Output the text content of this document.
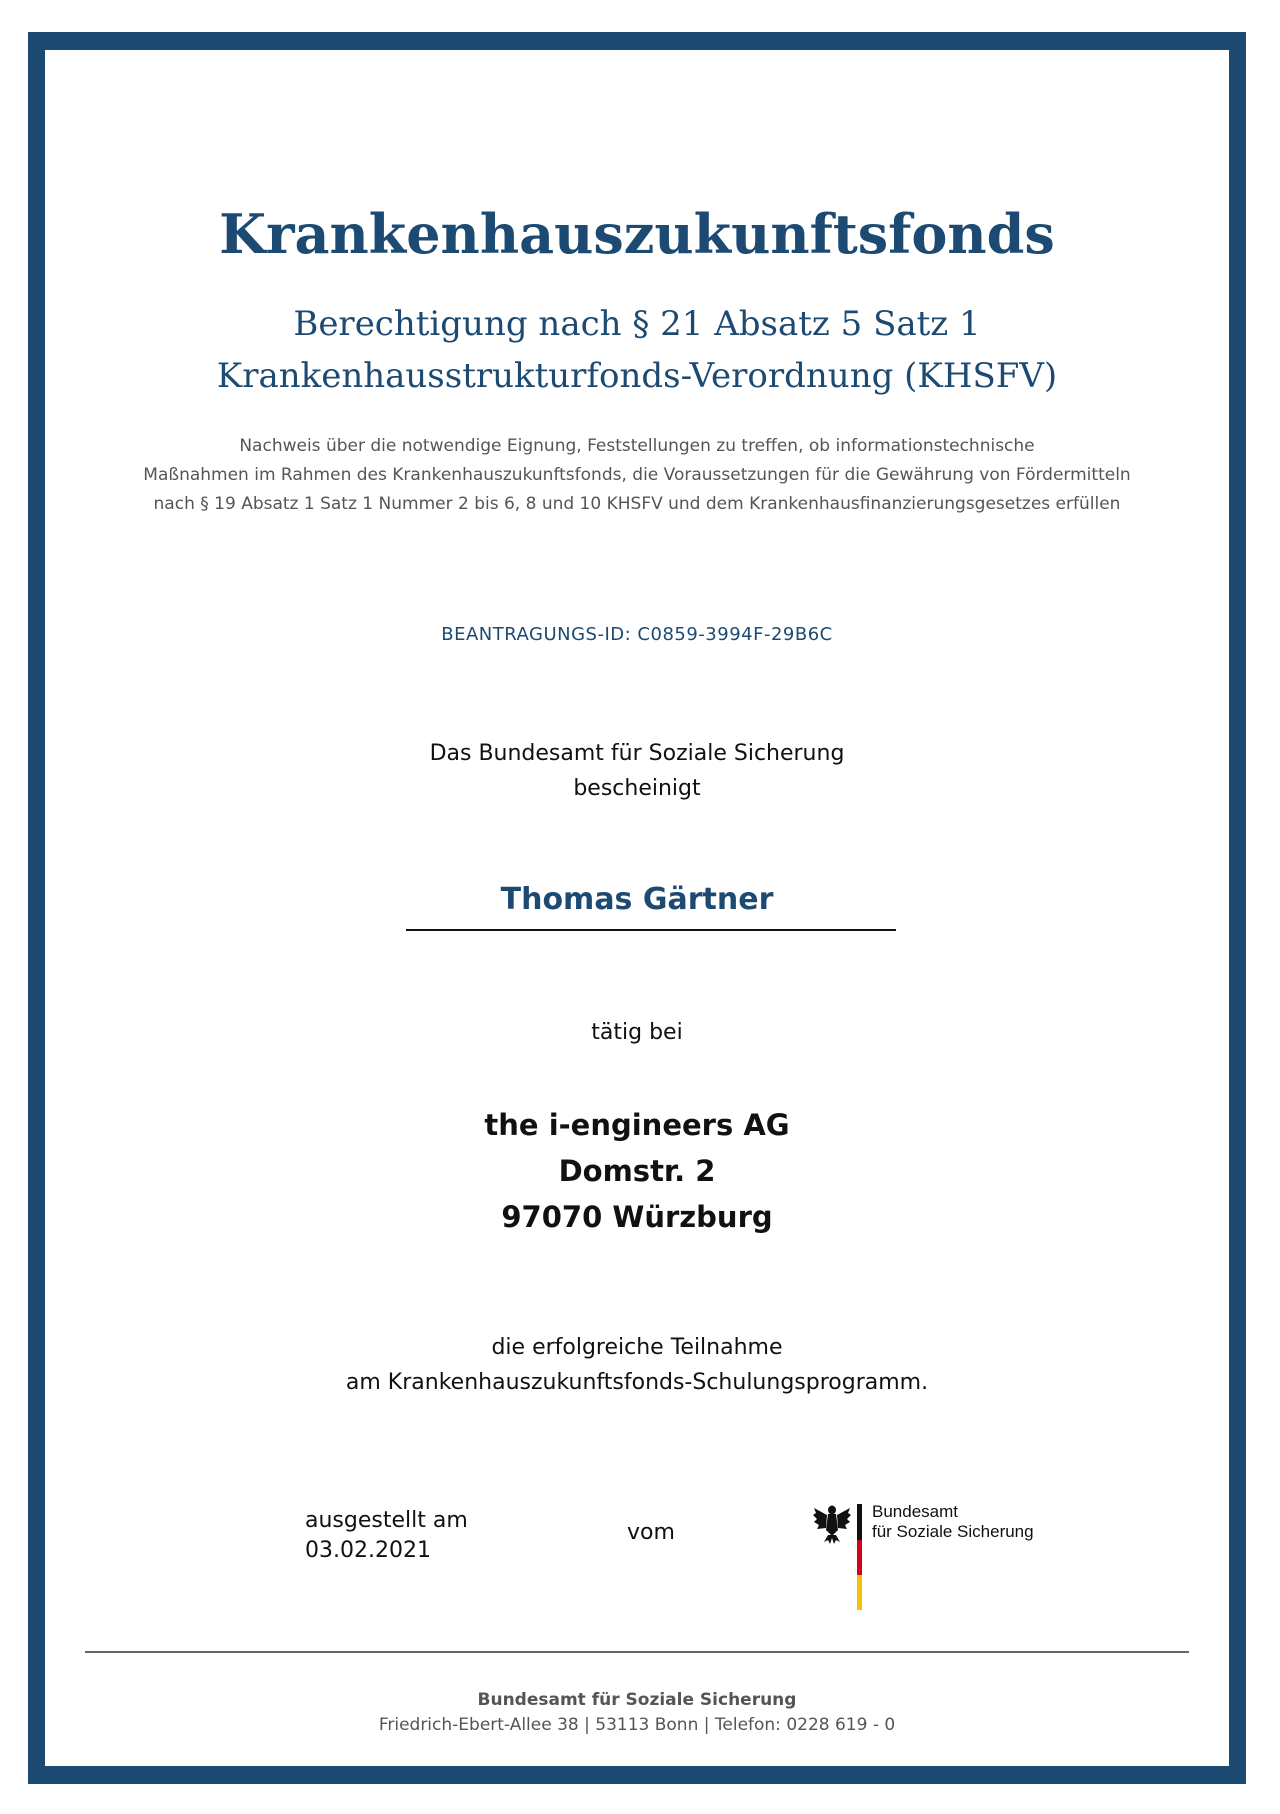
Krankenhauszukunftsfonds
Berechtigung nach § 21 Absatz 5 Satz 1
Krankenhausstrukturfonds-Verordnung (KHSFV)
Nachweis über die notwendige Eignung, Feststellungen zu treffen, ob informationstechnische
Maßnahmen im Rahmen des Krankenhauszukunftsfonds, die Voraussetzungen für die Gewährung von Fördermitteln
nach § 19 Absatz 1 Satz 1 Nummer 2 bis 6, 8 und 10 KHSFV und dem Krankenhausfinanzierungsgesetzes erfüllen
BEANTRAGUNGS-ID: C0859-3994F-29B6C
Das Bundesamt für Soziale Sicherung
bescheinigt
Thomas Gärtner
tätig bei
the i-engineers AG
Domstr. 2
97070 Würzburg
die erfolgreiche Teilnahme
am Krankenhauszukunftsfonds-Schulungsprogramm.
ausgestellt am
03.02.2021
vom
Bundesamt
für Soziale Sicherung
Bundesamt für Soziale Sicherung
Friedrich-Ebert-Allee 38 | 53113 Bonn | Telefon: 0228 619 - 0
